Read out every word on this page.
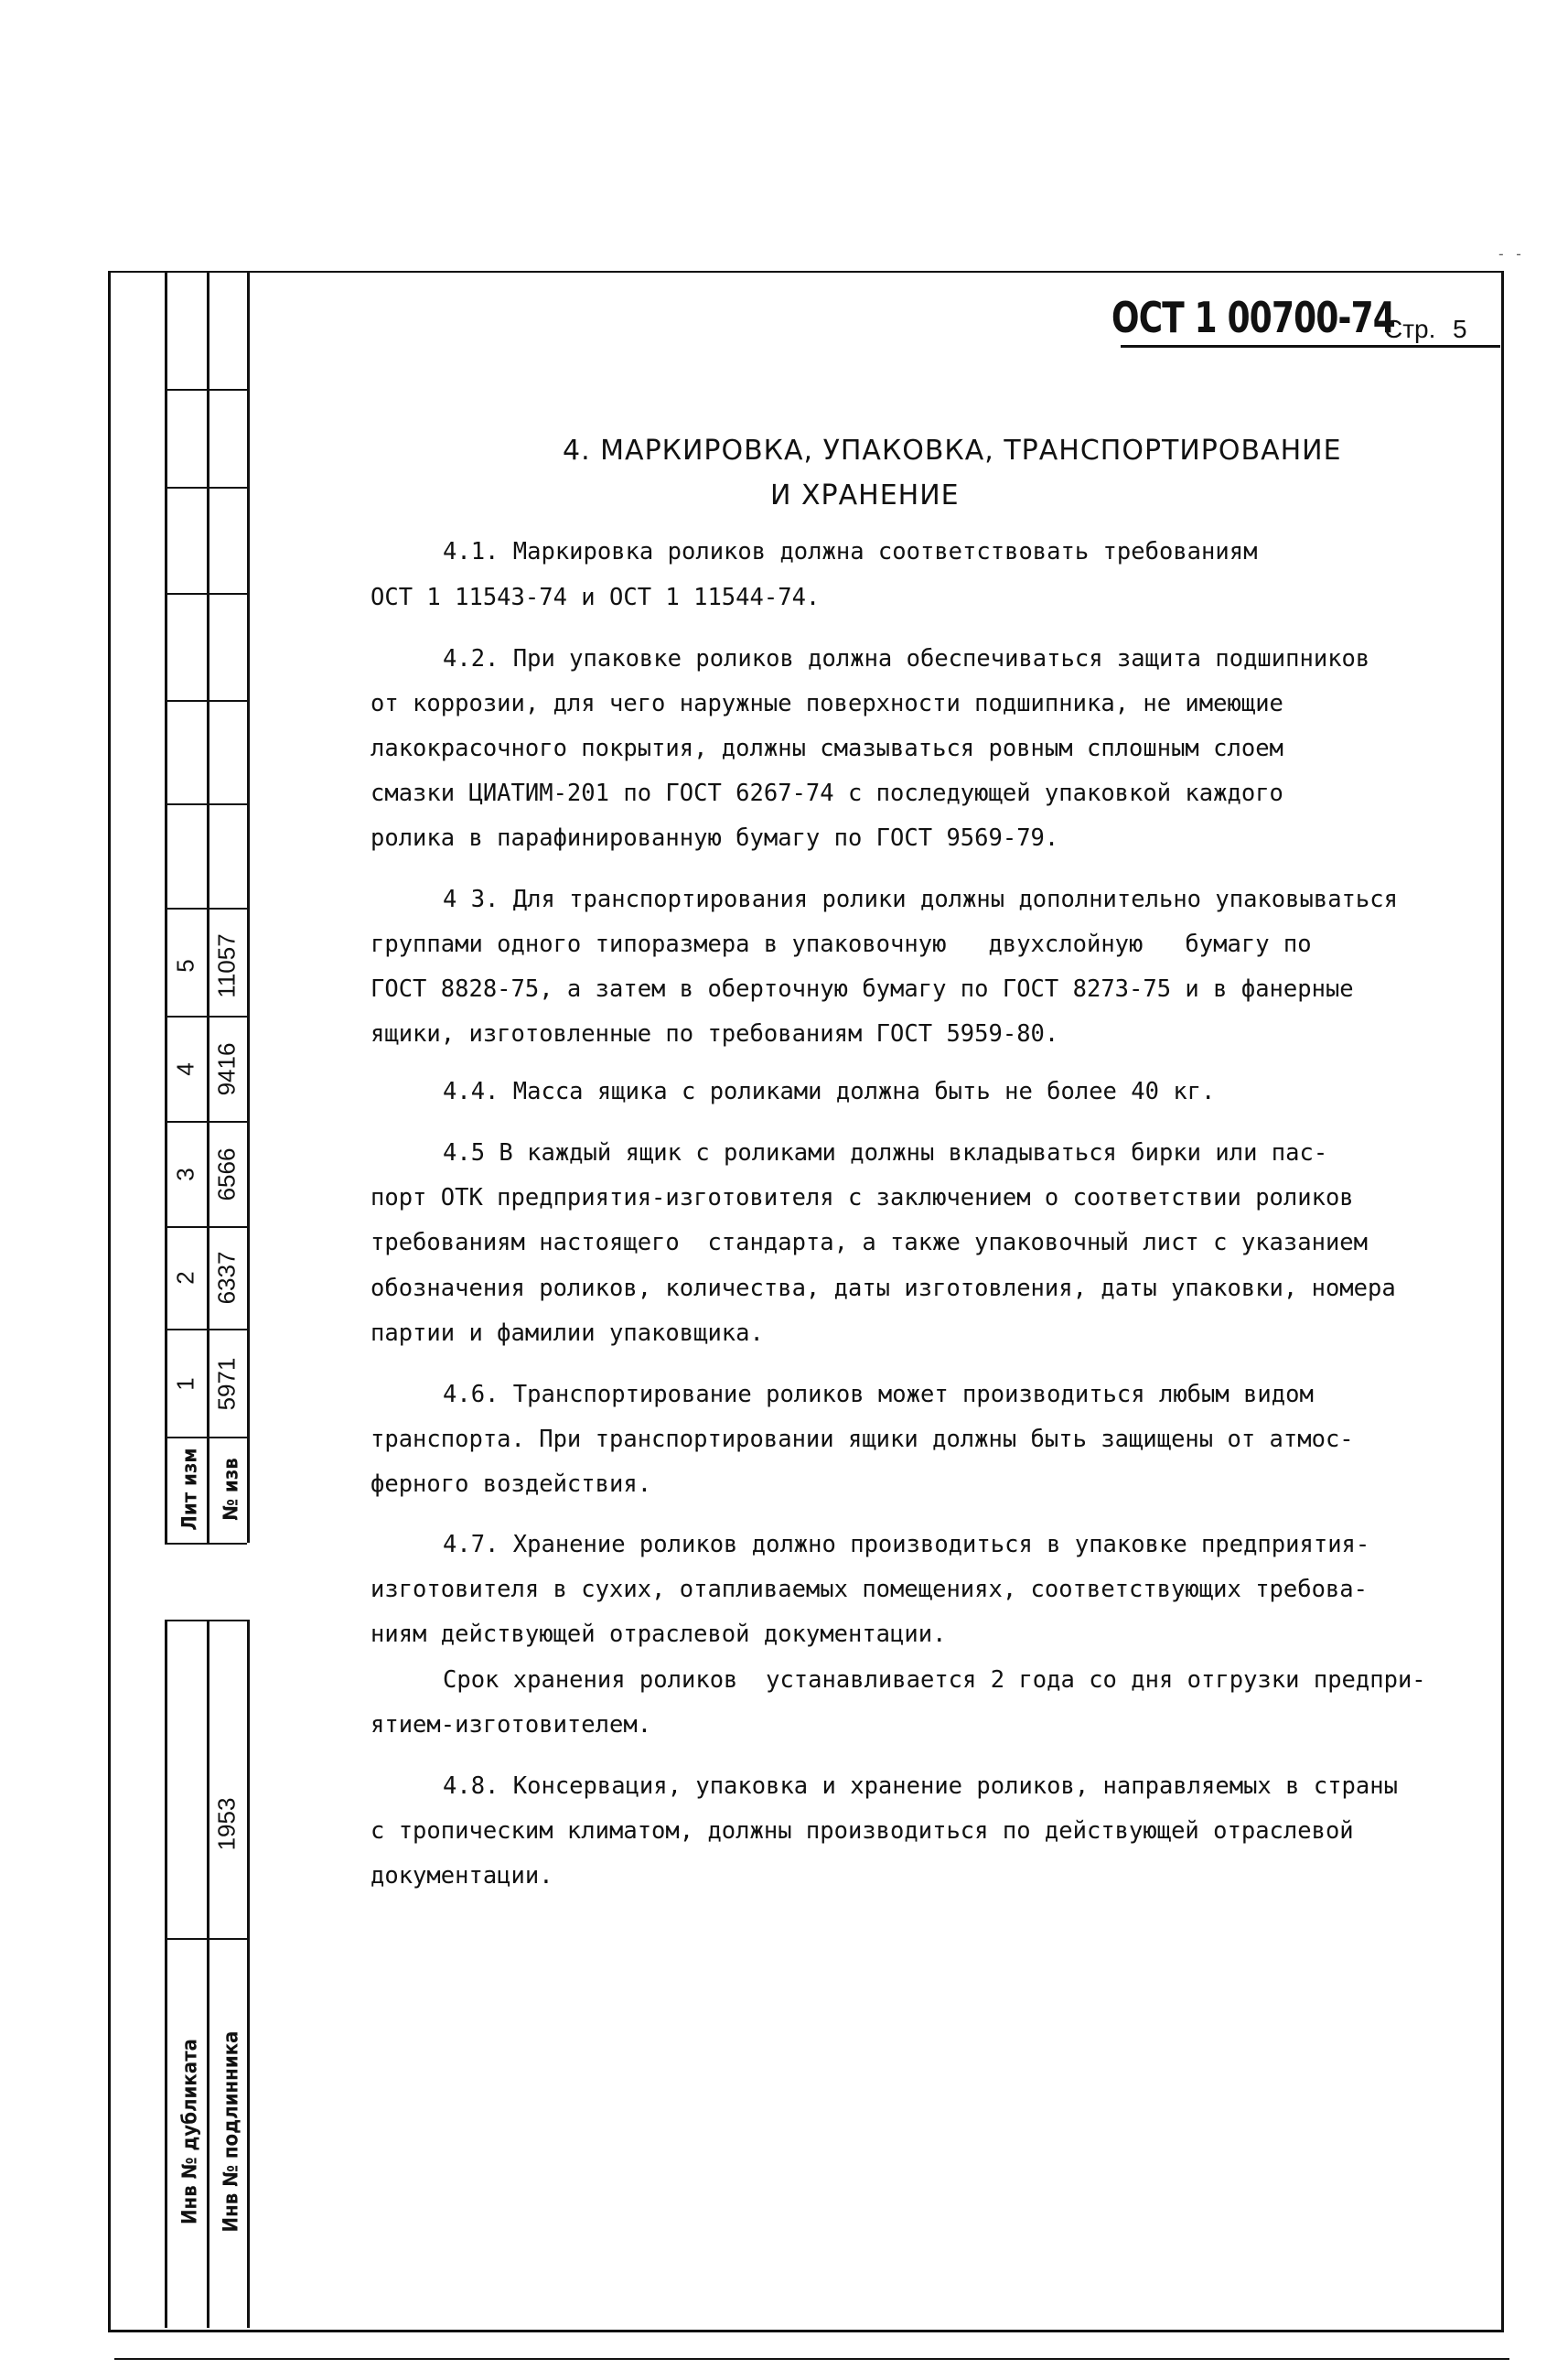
- -
5 11057
4 9416
3 6566
2 6337
1 5971
Лит изм № изв
1953
Инв № дубликата Инв № подлинника
ОСТ 1 00700-74
Стр. 5
4. МАРКИРОВКА, УПАКОВКА, ТРАНСПОРТИРОВАНИЕ
И ХРАНЕНИЕ
4.1. Маркировка роликов должна соответствовать требованиям
ОСТ 1 11543-74 и ОСТ 1 11544-74.
4.2. При упаковке роликов должна обеспечиваться защита подшипников
от коррозии, для чего наружные поверхности подшипника, не имеющие
лакокрасочного покрытия, должны смазываться ровным сплошным слоем
смазки ЦИАТИМ-201 по ГОСТ 6267-74 с последующей упаковкой каждого
ролика в парафинированную бумагу по ГОСТ 9569-79.
4 3. Для транспортирования ролики должны дополнительно упаковываться
группами одного типоразмера в упаковочную   двухслойную   бумагу по
ГОСТ 8828-75, а затем в оберточную бумагу по ГОСТ 8273-75 и в фанерные
ящики, изготовленные по требованиям ГОСТ 5959-80.
4.4. Масса ящика с роликами должна быть не более 40 кг.
4.5 В каждый ящик с роликами должны вкладываться бирки или пас-
порт ОТК предприятия-изготовителя с заключением о соответствии роликов
требованиям настоящего  стандарта, а также упаковочный лист с указанием
обозначения роликов, количества, даты изготовления, даты упаковки, номера
партии и фамилии упаковщика.
4.6. Транспортирование роликов может производиться любым видом
транспорта. При транспортировании ящики должны быть защищены от атмос-
ферного воздействия.
4.7. Хранение роликов должно производиться в упаковке предприятия-
изготовителя в сухих, отапливаемых помещениях, соответствующих требова-
ниям действующей отраслевой документации.
Срок хранения роликов  устанавливается 2 года со дня отгрузки предпри-
ятием-изготовителем.
4.8. Консервация, упаковка и хранение роликов, направляемых в страны
с тропическим климатом, должны производиться по действующей отраслевой
документации.
